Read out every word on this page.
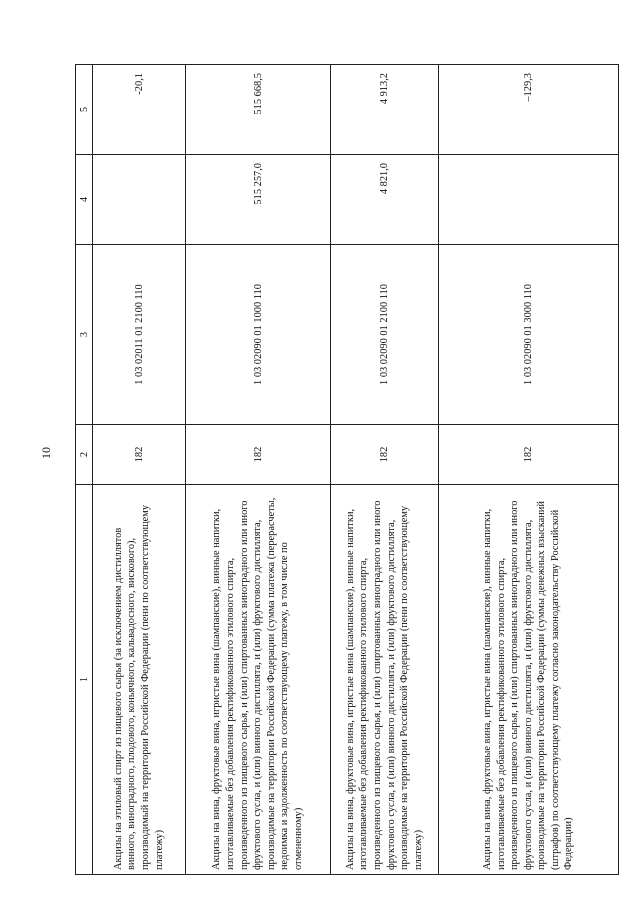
10
1	2	3	4	5
Акцизы на этиловый спирт из пищевого сырья (за исключением дистиллятов винного, виноградного, плодового, коньячного, кальвадосного, вискового), производимый на территории Российской Федерации (пени по соответствующему платежу)	182	1 03 02011 01 2100 110		-20,1
Акцизы на вина, фруктовые вина, игристые вина (шампанские), винные напитки, изготавливаемые без добавления ректификованного этилового спирта, произведенного из пищевого сырья, и (или) спиртованных виноградного или иного фруктового сусла, и (или) винного дистиллята, и (или) фруктового дистиллята, производимые на территории Российской Федерации (сумма платежа (перерасчеты, недоимка и задолженность по соответствующему платежу, в том числе по отмененному)	182	1 03 02090 01 1000 110	515 257,0	515 668,5
Акцизы на вина, фруктовые вина, игристые вина (шампанские), винные напитки, изготавливаемые без добавления ректификованного этилового спирта, произведенного из пищевого сырья, и (или) спиртованных виноградного или иного фруктового сусла, и (или) винного дистиллята, и (или) фруктового дистиллята, производимые на территории Российской Федерации (пени по соответствующему платежу)	182	1 03 02090 01 2100 110	4 821,0	4 913,2
Акцизы на вина, фруктовые вина, игристые вина (шампанские), винные напитки, изготавливаемые без добавления ректификованного этилового спирта, произведенного из пищевого сырья, и (или) спиртованных виноградного или иного фруктового сусла, и (или) винного дистиллята, и (или) фруктового дистиллята, производимые на территории Российской Федерации (суммы денежных взысканий (штрафов) по соответствующему платежу согласно законодательству Российской Федерации)	182	1 03 02090 01 3000 110		–129,3
